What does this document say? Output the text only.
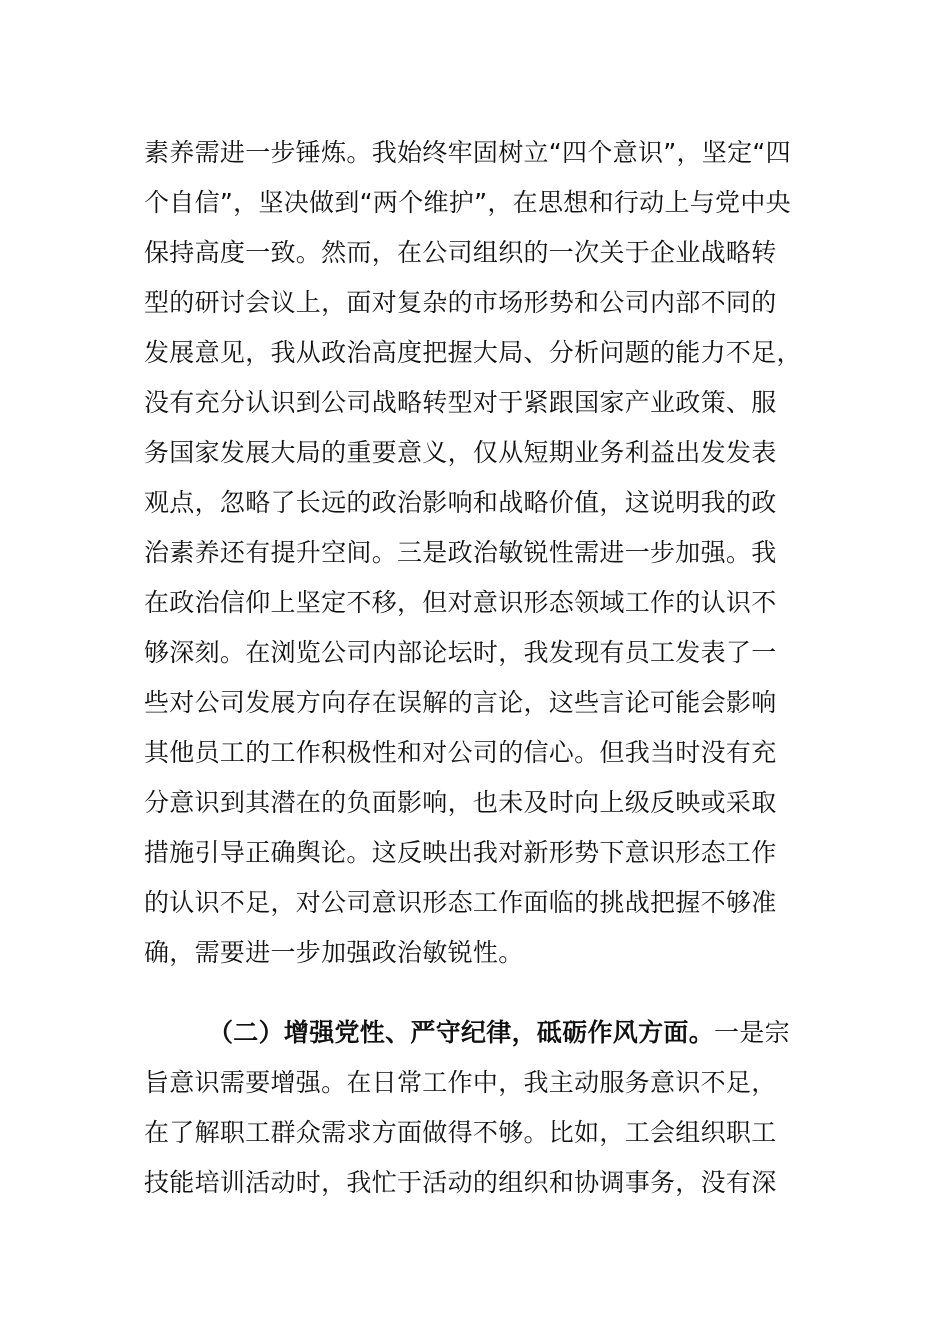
素养需进一步锤炼。我始终牢固树立“四个意识”，坚定“四
个自信”，坚决做到“两个维护”，在思想和行动上与党中央
保持高度一致。然而，在公司组织的一次关于企业战略转
型的研讨会议上，面对复杂的市场形势和公司内部不同的
发展意见，我从政治高度把握大局、分析问题的能力不足，
没有充分认识到公司战略转型对于紧跟国家产业政策、服
务国家发展大局的重要意义，仅从短期业务利益出发发表
观点，忽略了长远的政治影响和战略价值，这说明我的政
治素养还有提升空间。三是政治敏锐性需进一步加强。我
在政治信仰上坚定不移，但对意识形态领域工作的认识不
够深刻。在浏览公司内部论坛时，我发现有员工发表了一
些对公司发展方向存在误解的言论，这些言论可能会影响
其他员工的工作积极性和对公司的信心。但我当时没有充
分意识到其潜在的负面影响，也未及时向上级反映或采取
措施引导正确舆论。这反映出我对新形势下意识形态工作
的认识不足，对公司意识形态工作面临的挑战把握不够准
确，需要进一步加强政治敏锐性。
（二）增强党性、严守纪律，砥砺作风方面。一是宗
旨意识需要增强。在日常工作中，我主动服务意识不足，
在了解职工群众需求方面做得不够。比如，工会组织职工
技能培训活动时，我忙于活动的组织和协调事务，没有深
